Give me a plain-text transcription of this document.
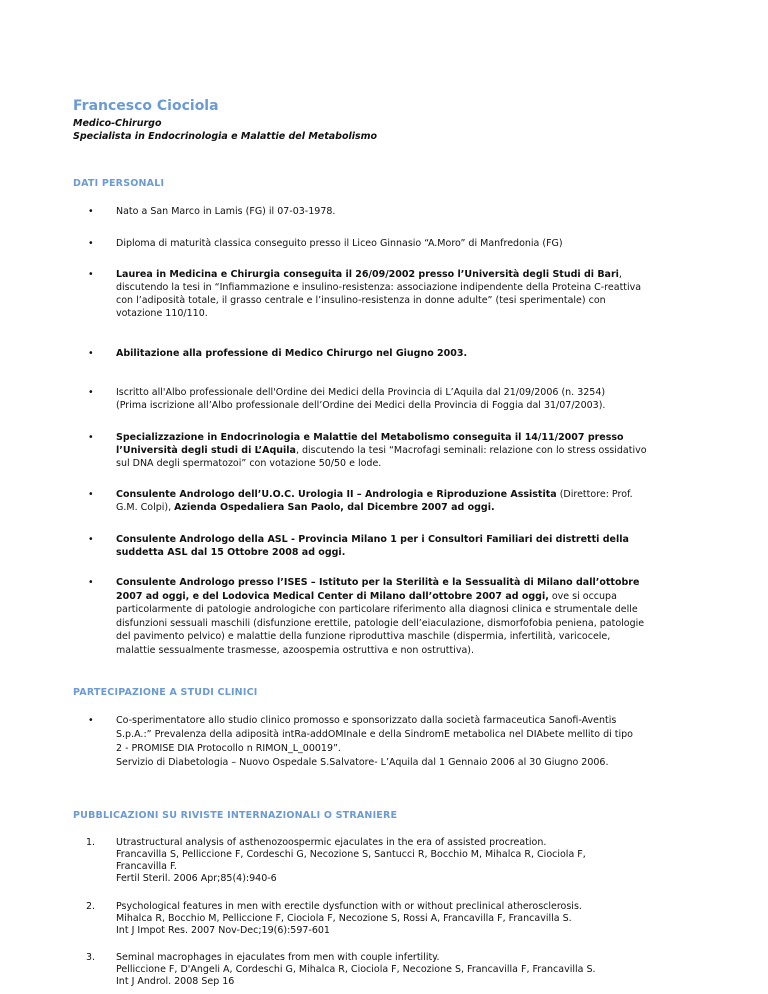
Francesco Ciociola
Medico-Chirurgo
Specialista in Endocrinologia e Malattie del Metabolismo
DATI PERSONALI
• Nato a San Marco in Lamis (FG) il 07-03-1978.
• Diploma di maturità classica conseguito presso il Liceo Ginnasio “A.Moro” di Manfredonia (FG)
• Laurea in Medicina e Chirurgia conseguita il 26/09/2002 presso l’Università degli Studi di Bari,
discutendo la tesi in “Infiammazione e insulino-resistenza: associazione indipendente della Proteina C-reattiva
con l’adiposità totale, il grasso centrale e l’insulino-resistenza in donne adulte” (tesi sperimentale) con
votazione 110/110.
• Abilitazione alla professione di Medico Chirurgo nel Giugno 2003.
• Iscritto all'Albo professionale dell'Ordine dei Medici della Provincia di L’Aquila dal 21/09/2006 (n. 3254)
(Prima iscrizione all’Albo professionale dell’Ordine dei Medici della Provincia di Foggia dal 31/07/2003).
• Specializzazione in Endocrinologia e Malattie del Metabolismo conseguita il 14/11/2007 presso
l’Università degli studi di L’Aquila, discutendo la tesi “Macrofagi seminali: relazione con lo stress ossidativo
sul DNA degli spermatozoi” con votazione 50/50 e lode.
• Consulente Andrologo dell’U.O.C. Urologia II – Andrologia e Riproduzione Assistita (Direttore: Prof.
G.M. Colpi), Azienda Ospedaliera San Paolo, dal Dicembre 2007 ad oggi.
• Consulente Andrologo della ASL - Provincia Milano 1 per i Consultori Familiari dei distretti della
suddetta ASL dal 15 Ottobre 2008 ad oggi.
• Consulente Andrologo presso l’ISES – Istituto per la Sterilità e la Sessualità di Milano dall’ottobre
2007 ad oggi, e del Lodovica Medical Center di Milano dall’ottobre 2007 ad oggi, ove si occupa
particolarmente di patologie andrologiche con particolare riferimento alla diagnosi clinica e strumentale delle
disfunzioni sessuali maschili (disfunzione erettile, patologie dell’eiaculazione, dismorfofobia peniena, patologie
del pavimento pelvico) e malattie della funzione riproduttiva maschile (dispermia, infertilità, varicocele,
malattie sessualmente trasmesse, azoospemia ostruttiva e non ostruttiva).
PARTECIPAZIONE A STUDI CLINICI
• Co-sperimentatore allo studio clinico promosso e sponsorizzato dalla società farmaceutica Sanofi-Aventis
S.p.A.:” Prevalenza della adiposità intRa-addOMInale e della SindromE metabolica nel DIAbete mellito di tipo
2 - PROMISE DIA Protocollo n RIMON_L_00019”.
Servizio di Diabetologia – Nuovo Ospedale S.Salvatore- L’Aquila dal 1 Gennaio 2006 al 30 Giugno 2006.
PUBBLICAZIONI SU RIVISTE INTERNAZIONALI O STRANIERE
1. Utrastructural analysis of asthenozoospermic ejaculates in the era of assisted procreation.
Francavilla S, Pelliccione F, Cordeschi G, Necozione S, Santucci R, Bocchio M, Mihalca R, Ciociola F,
Francavilla F.
Fertil Steril. 2006 Apr;85(4):940-6
2. Psychological features in men with erectile dysfunction with or without preclinical atherosclerosis.
Mihalca R, Bocchio M, Pelliccione F, Ciociola F, Necozione S, Rossi A, Francavilla F, Francavilla S.
Int J Impot Res. 2007 Nov-Dec;19(6):597-601
3. Seminal macrophages in ejaculates from men with couple infertility.
Pelliccione F, D'Angeli A, Cordeschi G, Mihalca R, Ciociola F, Necozione S, Francavilla F, Francavilla S.
Int J Androl. 2008 Sep 16
